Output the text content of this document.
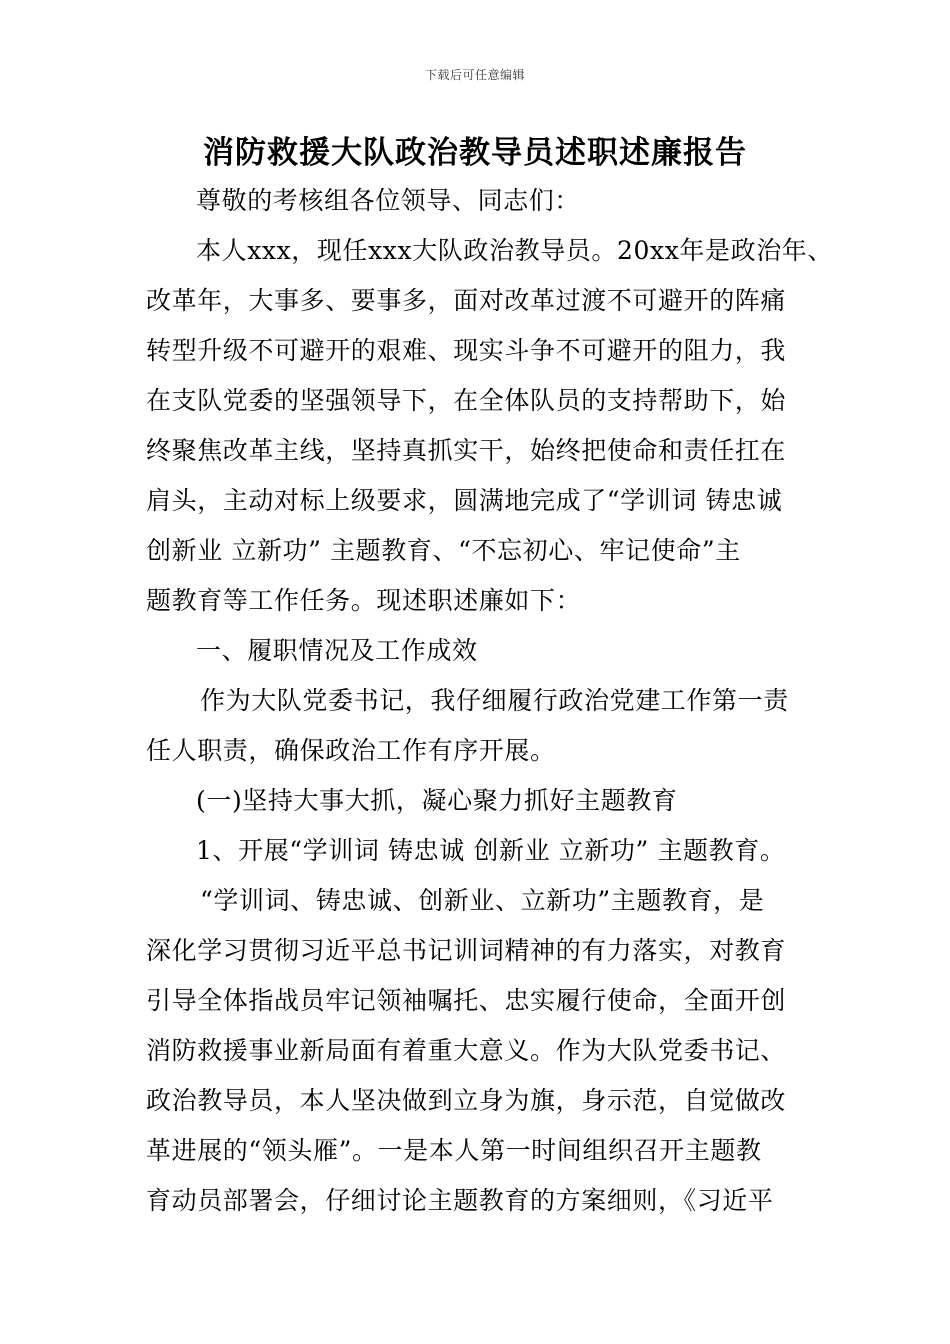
下载后可任意编辑
消防救援大队政治教导员述职述廉报告
尊敬的考核组各位领导、同志们：
本人xxx，现任xxx大队政治教导员。20xx年是政治年、
改革年，大事多、要事多，面对改革过渡不可避开的阵痛
转型升级不可避开的艰难、现实斗争不可避开的阻力，我
在支队党委的坚强领导下，在全体队员的支持帮助下，始
终聚焦改革主线，坚持真抓实干，始终把使命和责任扛在
肩头，主动对标上级要求，圆满地完成了“学训词 铸忠诚
创新业 立新功” 主题教育、“不忘初心、牢记使命”主
题教育等工作任务。现述职述廉如下：
一、履职情况及工作成效
作为大队党委书记，我仔细履行政治党建工作第一责
任人职责，确保政治工作有序开展。
(一)坚持大事大抓，凝心聚力抓好主题教育
1、开展“学训词 铸忠诚 创新业 立新功” 主题教育。
“学训词、铸忠诚、创新业、立新功”主题教育，是
深化学习贯彻习近平总书记训词精神的有力落实，对教育
引导全体指战员牢记领袖嘱托、忠实履行使命，全面开创
消防救援事业新局面有着重大意义。作为大队党委书记、
政治教导员，本人坚决做到立身为旗，身示范，自觉做改
革进展的“领头雁”。一是本人第一时间组织召开主题教
育动员部署会，仔细讨论主题教育的方案细则，《习近平
